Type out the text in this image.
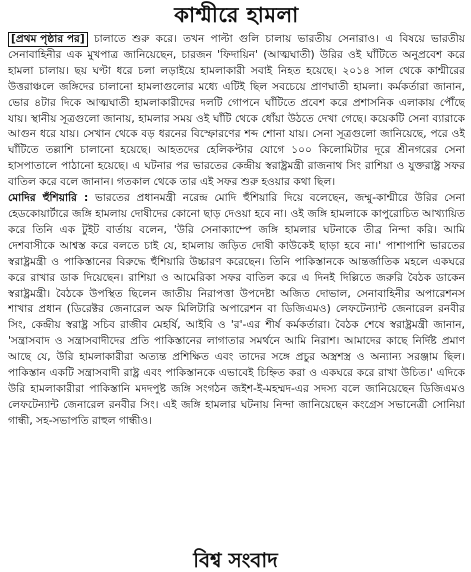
কাশ্মীরে হামলা

[প্রথম পৃষ্ঠার পর] চালাতে শুরু করে। তখন পাল্টা গুলি চালায় ভারতীয় সেনারাও। এ বিষয়ে ভারতীয় সেনাবাহিনীর এক মুখপাত্র জানিয়েছেন, চারজন 'ফিদায়িন' (আত্মঘাতী) উরির ওই ঘাঁটিতে অনুপ্রবেশ করে হামলা চালায়। ছয় ঘণ্টা ধরে চলা লড়াইয়ে হামলাকারী সবাই নিহত হয়েছে। ২০১৪ সাল থেকে কাশ্মীরের উত্তরাঞ্চলে জঙ্গিদের চালানো হামলাগুলোর মধ্যে এটিই ছিল সবচেয়ে প্রাণঘাতী হামলা। কর্মকর্তারা জানান, ভোর ৪টার দিকে আত্মঘাতী হামলাকারীদের দলটি গোপনে ঘাঁটিতে প্রবেশ করে প্রশাসনিক এলাকায় পৌঁছে যায়। স্থানীয় সূত্রগুলো জানায়, হামলার সময় ওই ঘাঁটি থেকে ধোঁয়া উঠতে দেখা গেছে। কয়েকটি সেনা ব্যারাকে আগুন ধরে যায়। সেখান থেকে বড় ধরনের বিস্ফোরণের শব্দ শোনা যায়। সেনা সূত্রগুলো জানিয়েছে, পরে ওই ঘাঁটিতে তল্লাশি চালানো হয়েছে। আহতদের হেলিকপ্টার যোগে ১০০ কিলোমিটার দূরে শ্রীনগরের সেনা হাসপাতালে পাঠানো হয়েছে। এ ঘটনার পর ভারতের কেন্দ্রীয় স্বরাষ্ট্রমন্ত্রী রাজনাথ সিং রাশিয়া ও যুক্তরাষ্ট্র সফর বাতিল করে বলে জানান। গতকাল থেকে তার এই সফর শুরু হওয়ার কথা ছিল।

মোদির হুঁশিয়ারি : ভারতের প্রধানমন্ত্রী নরেন্দ্র মোদি হুঁশিয়ারি দিয়ে বলেছেন, জম্মু-কাশ্মীরে উরির সেনা হেডকোয়ার্টারে জঙ্গি হামলায় দোষীদের কোনো ছাড় দেওয়া হবে না। ওই জঙ্গি হামলাকে কাপুরোচিত আখ্যায়িত করে তিনি এক টুইট বার্তায় বলেন, 'উরি সেনাক্যাম্পে জঙ্গি হামলার ঘটনাকে তীব্র নিন্দা করি। আমি দেশবাসীকে আশ্বস্ত করে বলতে চাই যে, হামলায় জড়িত দোষী কাউকেই ছাড়া হবে না।' পাশাপাশি ভারতের স্বরাষ্ট্রমন্ত্রী ও পাকিস্তানের বিরুদ্ধে হুঁশিয়ারি উচ্চারণ করেছেন। তিনি পাকিস্তানকে আন্তর্জাতিক মহলে একঘরে করে রাখার ডাক দিয়েছেন। রাশিয়া ও আমেরিকা সফর বাতিল করে এ দিনই দিল্লিতে জরুরি বৈঠক ডাকেন স্বরাষ্ট্রমন্ত্রী। বৈঠকে উপস্থিত ছিলেন জাতীয় নিরাপত্তা উপদেষ্টা অজিত দোভাল, সেনাবাহিনীর অপারেশনস শাখার প্রধান (ডিরেক্টর জেনারেল অফ মিলিটারি অপারেশন বা ডিজিএমও) লেফটেন্যান্ট জেনারেল রনবীর সিং, কেন্দ্রীয় স্বরাষ্ট্র সচিব রাজীব মেহর্ষি, আইবি ও 'র'-এর শীর্ষ কর্মকর্তারা। বৈঠক শেষে স্বরাষ্ট্রমন্ত্রী জানান, 'সন্ত্রাসবাদ ও সন্ত্রাসবাদীদের প্রতি পাকিস্তানের লাগাতার সমর্থনে আমি নিরাশ। আমাদের কাছে নির্দিষ্ট প্রমাণ আছে যে, উরি হামলাকারীরা অত্যন্ত প্রশিক্ষিত এবং তাদের সঙ্গে প্রচুর অস্ত্রশস্ত্র ও অন্যান্য সরঞ্জাম ছিল। পাকিস্তান একটি সন্ত্রাসবাদী রাষ্ট্র এবং পাকিস্তানকে এভাবেই চিহ্নিত করা ও একঘরে করে রাখা উচিত।' এদিকে উরি হামলাকারীরা পাকিস্তানি মদদপুষ্ট জঙ্গি সংগঠন জইশ-ই-মহম্মদ-এর সদস্য বলে জানিয়েছেন ডিজিএমও লেফটেন্যান্ট জেনারেল রনবীর সিং। এই জঙ্গি হামলার ঘটনায় নিন্দা জানিয়েছেন কংগ্রেস সভানেত্রী সোনিয়া গান্ধী, সহ-সভাপতি রাহুল গান্ধীও।

বিশ্ব সংবাদ
